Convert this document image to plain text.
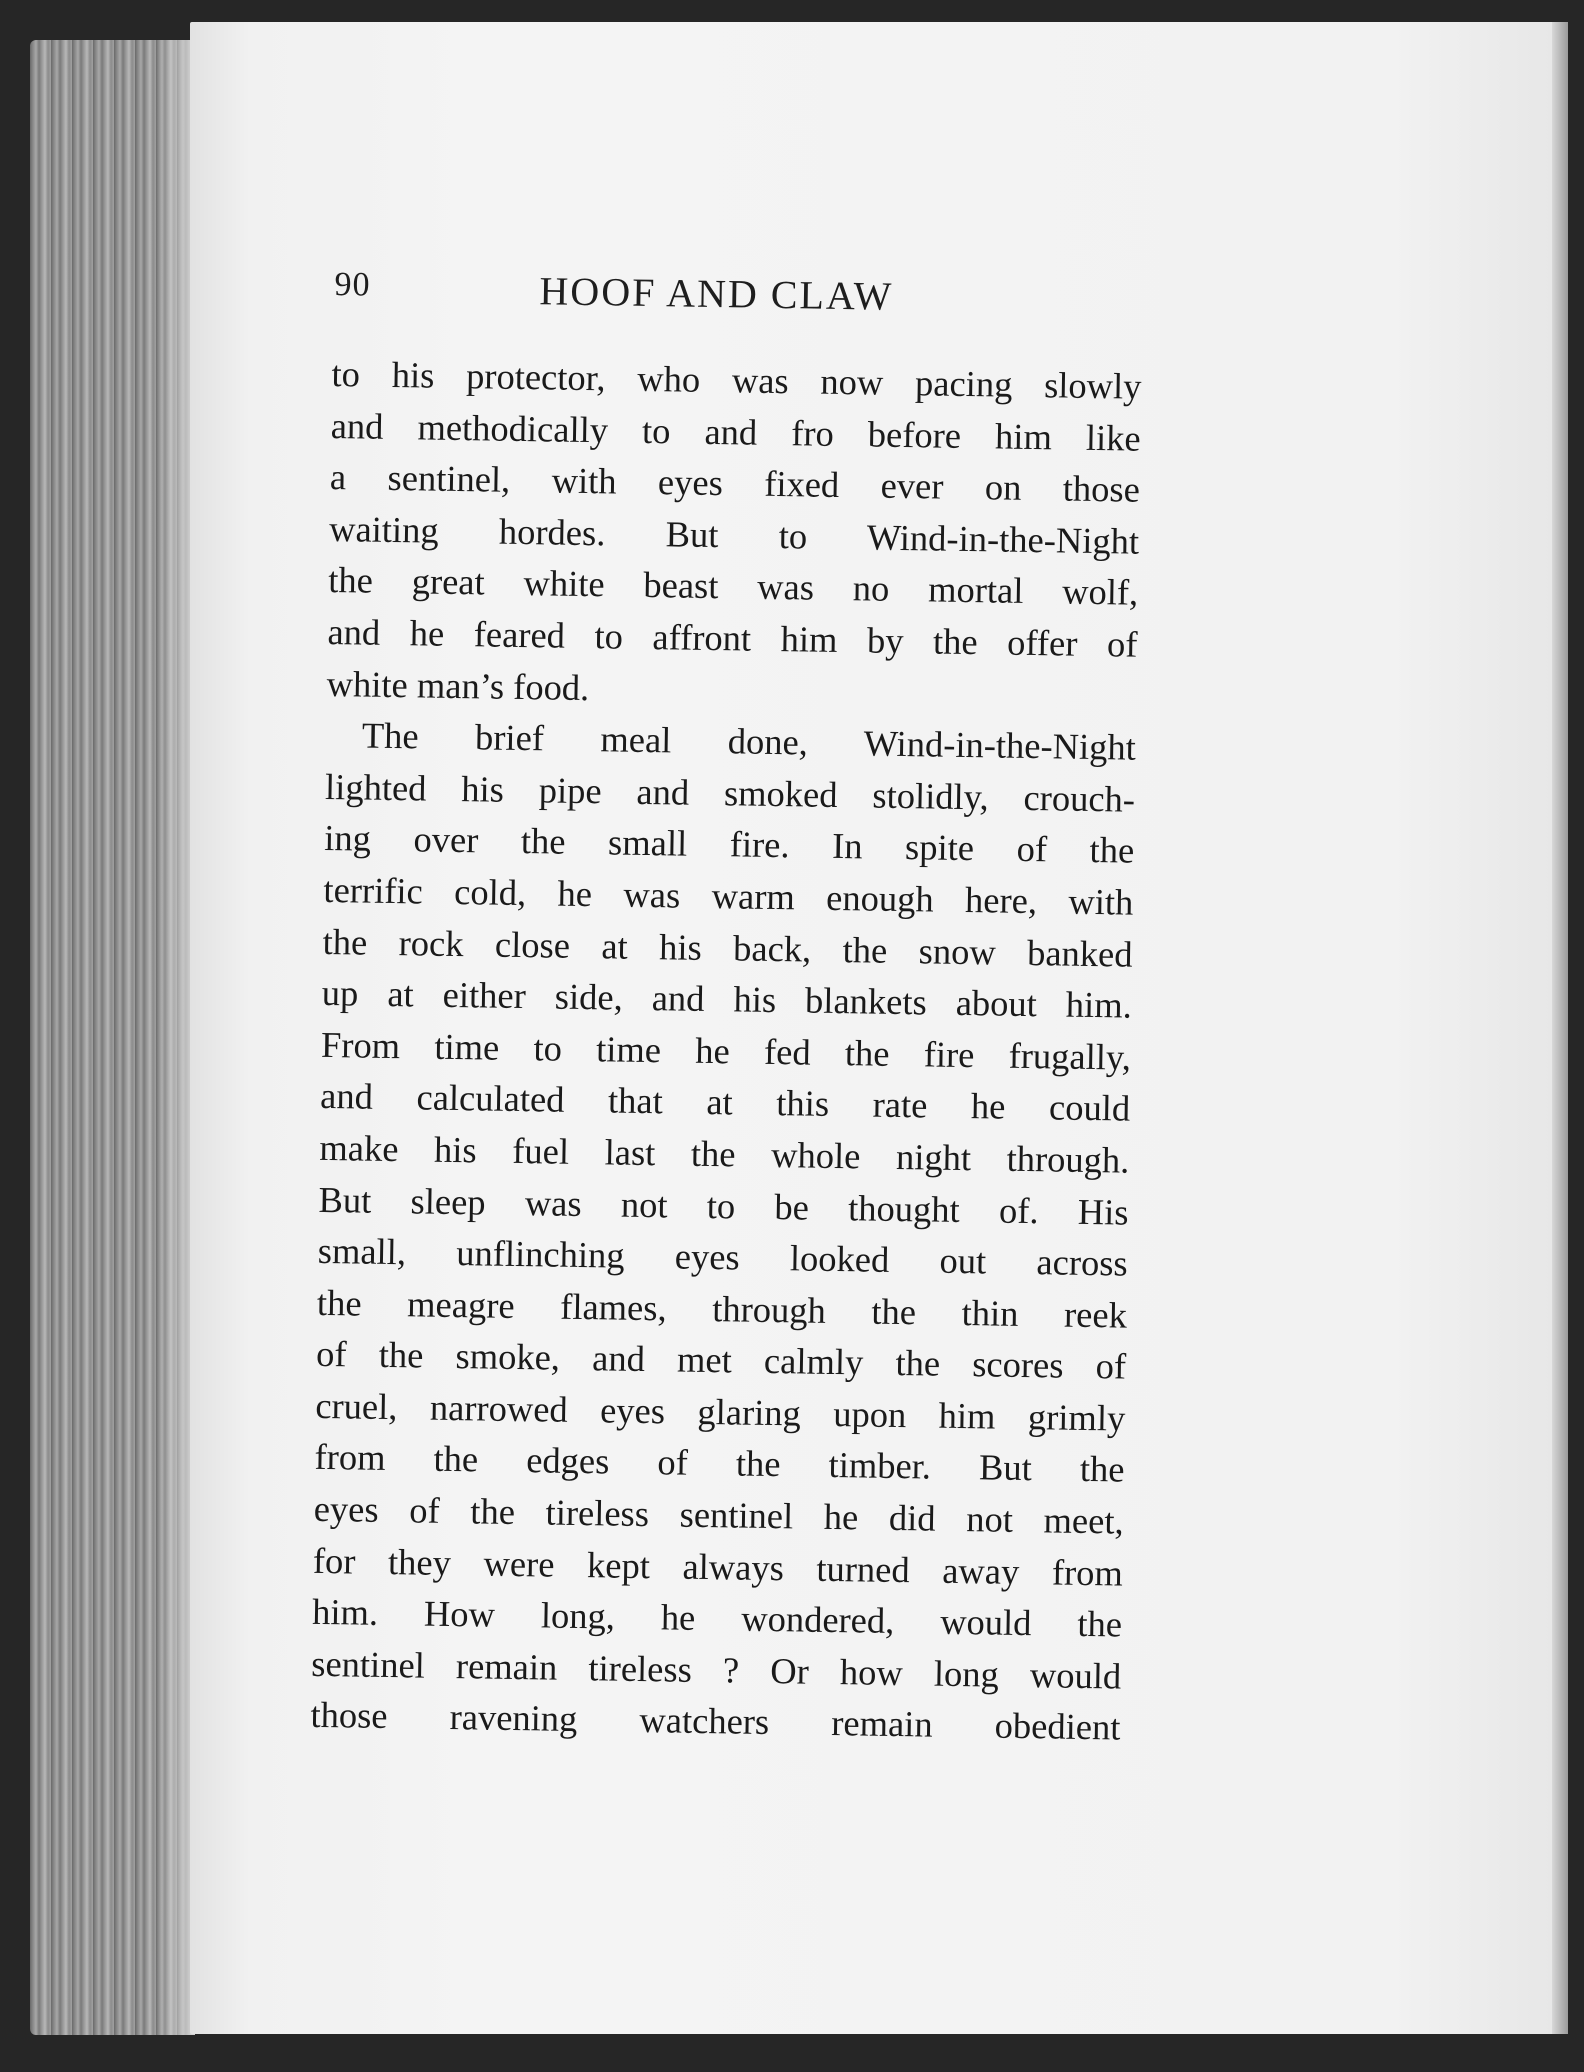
90	HOOF AND CLAW
to his protector, who was now pacing slowly
and methodically to and fro before him like
a sentinel, with eyes fixed ever on those
waiting hordes. But to Wind-in-the-Night
the great white beast was no mortal wolf,
and he feared to affront him by the offer of
white man’s food.
The brief meal done, Wind-in-the-Night
lighted his pipe and smoked stolidly, crouch-
ing over the small fire. In spite of the
terrific cold, he was warm enough here, with
the rock close at his back, the snow banked
up at either side, and his blankets about him.
From time to time he fed the fire frugally,
and calculated that at this rate he could
make his fuel last the whole night through.
But sleep was not to be thought of. His
small, unflinching eyes looked out across
the meagre flames, through the thin reek
of the smoke, and met calmly the scores of
cruel, narrowed eyes glaring upon him grimly
from the edges of the timber. But the
eyes of the tireless sentinel he did not meet,
for they were kept always turned away from
him. How long, he wondered, would the
sentinel remain tireless ? Or how long would
those ravening watchers remain obedient
